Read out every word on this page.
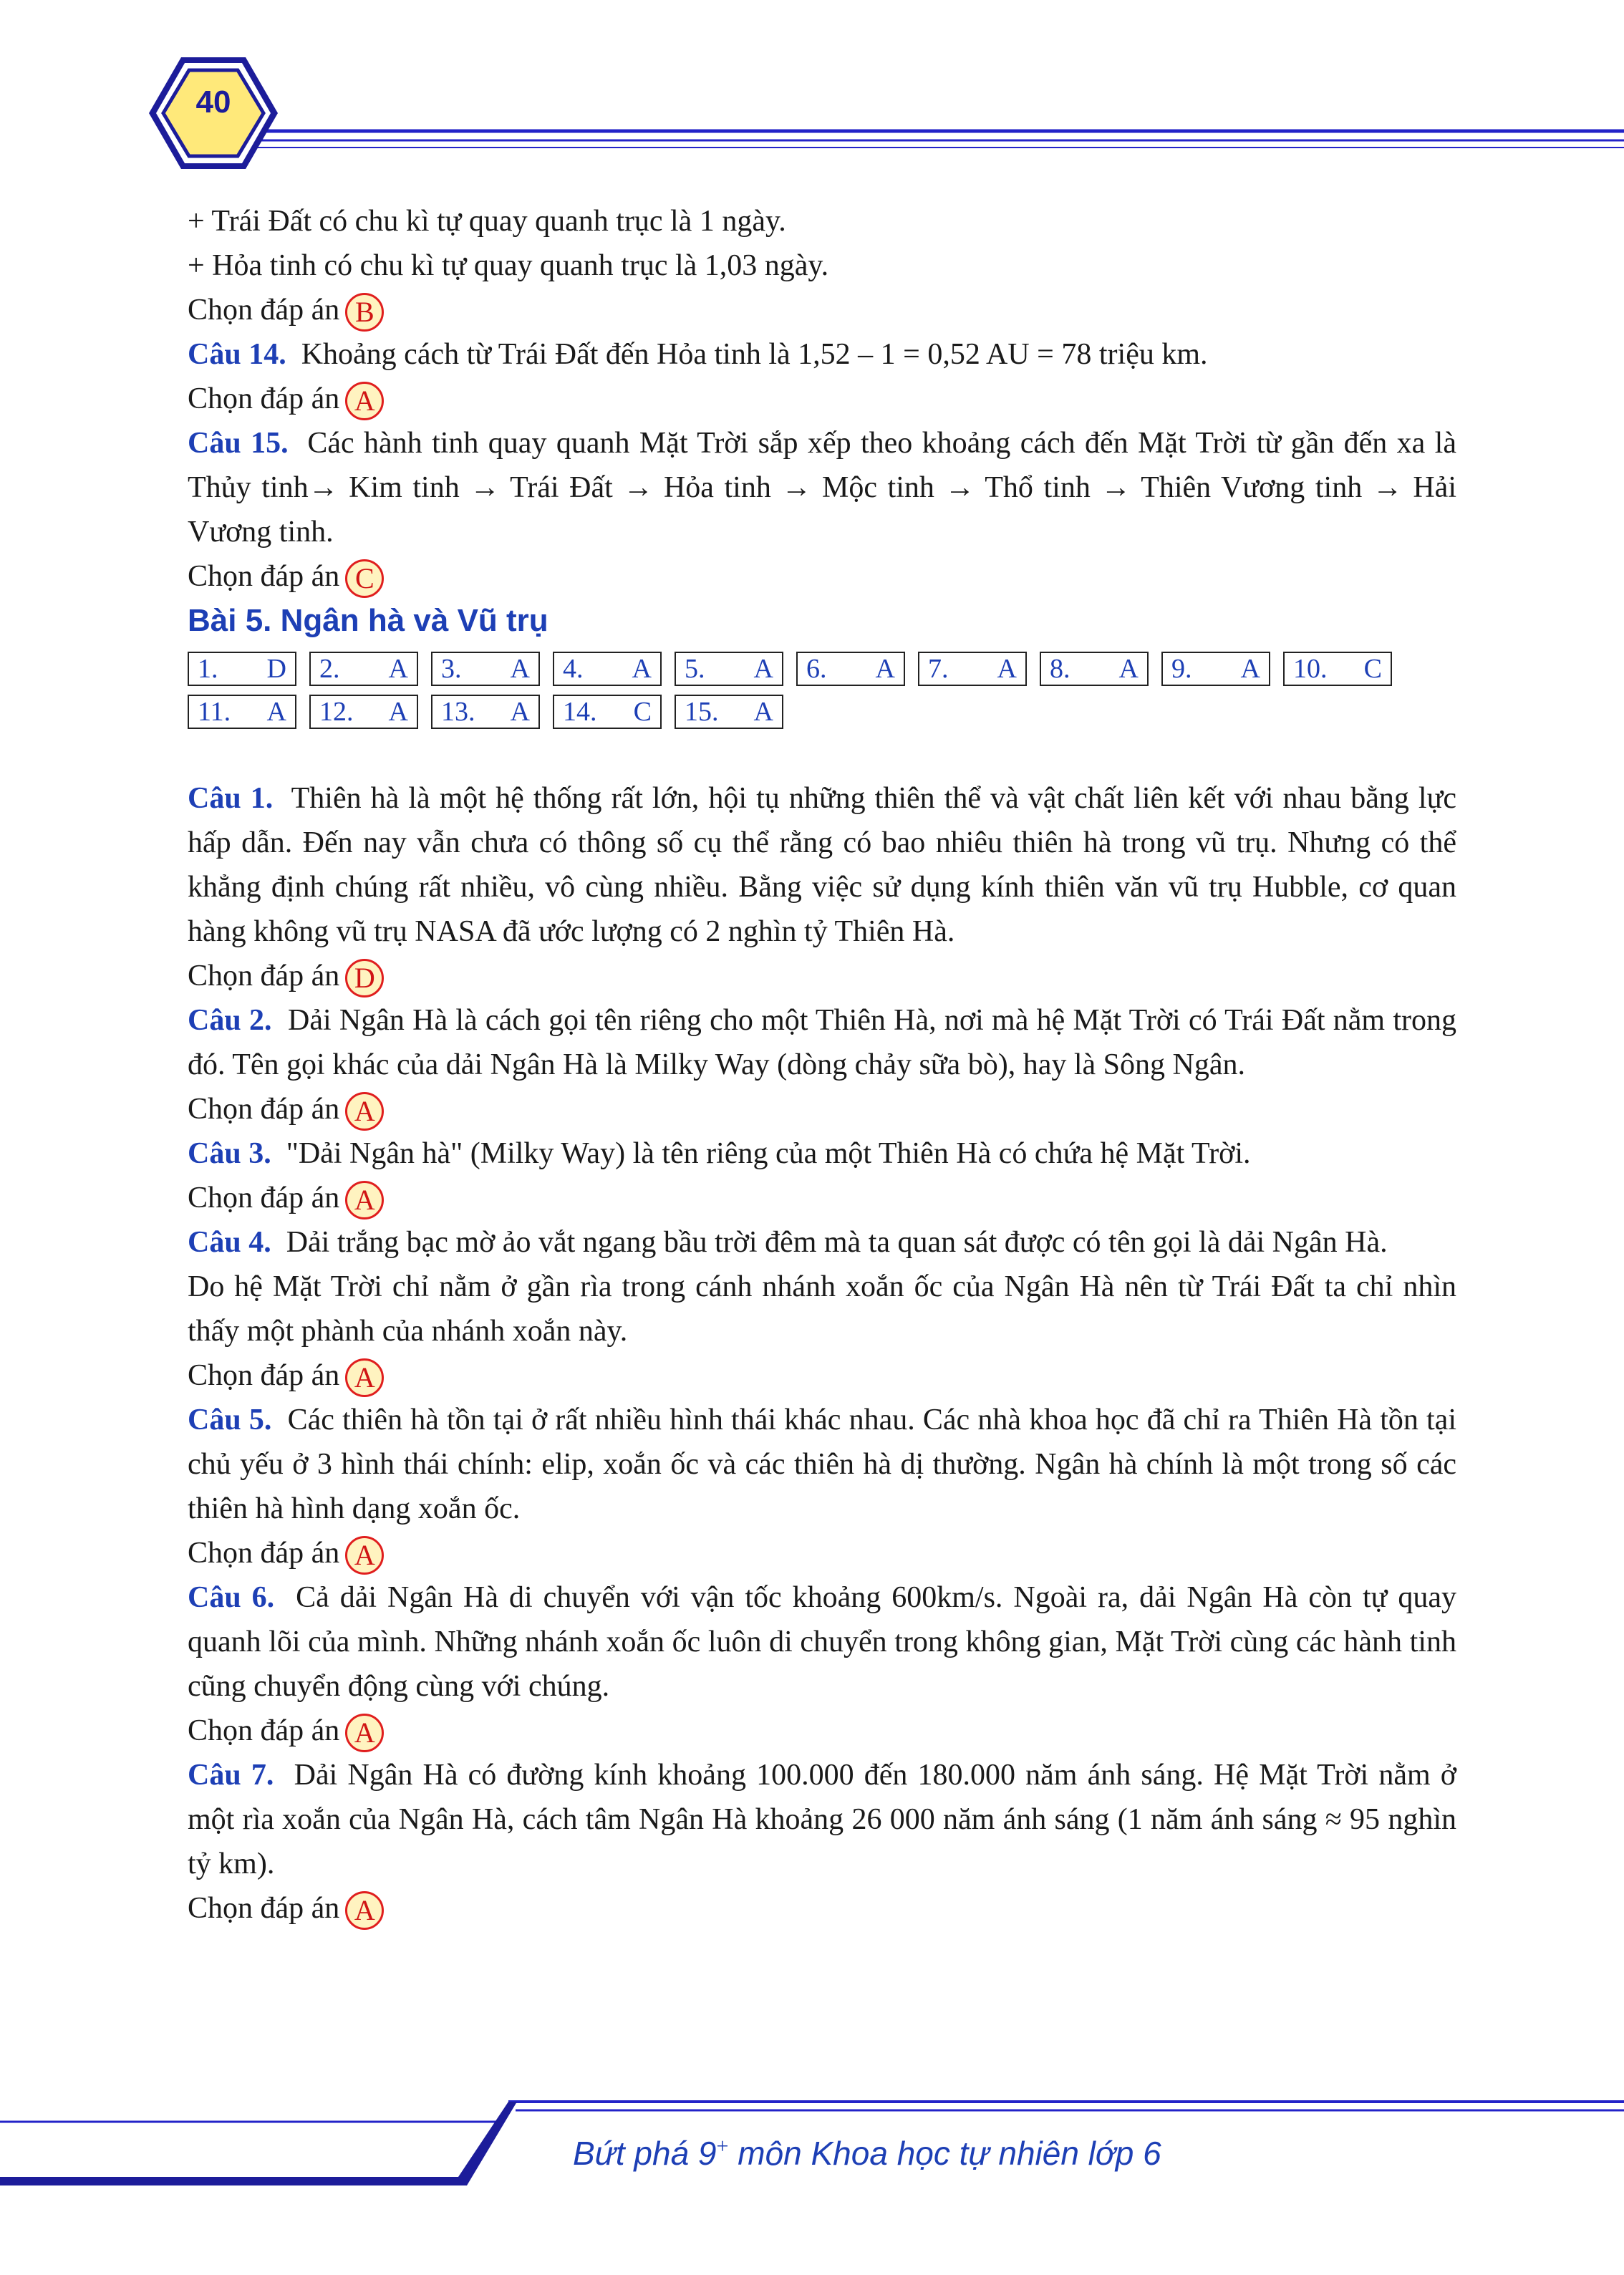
40
+ Trái Đất có chu kì tự quay quanh trục là 1 ngày.
+ Hỏa tinh có chu kì tự quay quanh trục là 1,03 ngày.
Chọn đáp án B

Câu 14. Khoảng cách từ Trái Đất đến Hỏa tinh là 1,52 – 1 = 0,52 AU = 78 triệu km.

Chọn đáp án A

Câu 15. Các hành tinh quay quanh Mặt Trời sắp xếp theo khoảng cách đến Mặt Trời từ gần đến xa là Thủy tinh→ Kim tinh → Trái Đất → Hỏa tinh → Mộc tinh → Thổ tinh → Thiên Vương tinh → Hải Vương tinh.

Chọn đáp án C
Bài 5. Ngân hà và Vũ trụ
1. D 2. A 3. A 4. A 5. A 6. A 7. A 8. A 9. A 10. C
11. A 12. A 13. A 14. C 15. A

Câu 1. Thiên hà là một hệ thống rất lớn, hội tụ những thiên thể và vật chất liên kết với nhau bằng lực hấp dẫn. Đến nay vẫn chưa có thông số cụ thể rằng có bao nhiêu thiên hà trong vũ trụ. Nhưng có thể khẳng định chúng rất nhiều, vô cùng nhiều. Bằng việc sử dụng kính thiên văn vũ trụ Hubble, cơ quan hàng không vũ trụ NASA đã ước lượng có 2 nghìn tỷ Thiên Hà.

Chọn đáp án D

Câu 2. Dải Ngân Hà là cách gọi tên riêng cho một Thiên Hà, nơi mà hệ Mặt Trời có Trái Đất nằm trong đó. Tên gọi khác của dải Ngân Hà là Milky Way (dòng chảy sữa bò), hay là Sông Ngân.

Chọn đáp án A

Câu 3. "Dải Ngân hà" (Milky Way) là tên riêng của một Thiên Hà có chứa hệ Mặt Trời.

Chọn đáp án A

Câu 4. Dải trắng bạc mờ ảo vắt ngang bầu trời đêm mà ta quan sát được có tên gọi là dải Ngân Hà.

Do hệ Mặt Trời chỉ nằm ở gần rìa trong cánh nhánh xoắn ốc của Ngân Hà nên từ Trái Đất ta chỉ nhìn thấy một phành của nhánh xoắn này.

Chọn đáp án A

Câu 5. Các thiên hà tồn tại ở rất nhiều hình thái khác nhau. Các nhà khoa học đã chỉ ra Thiên Hà tồn tại chủ yếu ở 3 hình thái chính: elip, xoắn ốc và các thiên hà dị thường. Ngân hà chính là một trong số các thiên hà hình dạng xoắn ốc.

Chọn đáp án A

Câu 6. Cả dải Ngân Hà di chuyển với vận tốc khoảng 600km/s. Ngoài ra, dải Ngân Hà còn tự quay quanh lõi của mình. Những nhánh xoắn ốc luôn di chuyển trong không gian, Mặt Trời cùng các hành tinh cũng chuyển động cùng với chúng.

Chọn đáp án A

Câu 7. Dải Ngân Hà có đường kính khoảng 100.000 đến 180.000 năm ánh sáng. Hệ Mặt Trời nằm ở một rìa xoắn của Ngân Hà, cách tâm Ngân Hà khoảng 26 000 năm ánh sáng (1 năm ánh sáng ≈ 95 nghìn tỷ km).

Chọn đáp án A
Bứt phá 9+ môn Khoa học tự nhiên lớp 6
